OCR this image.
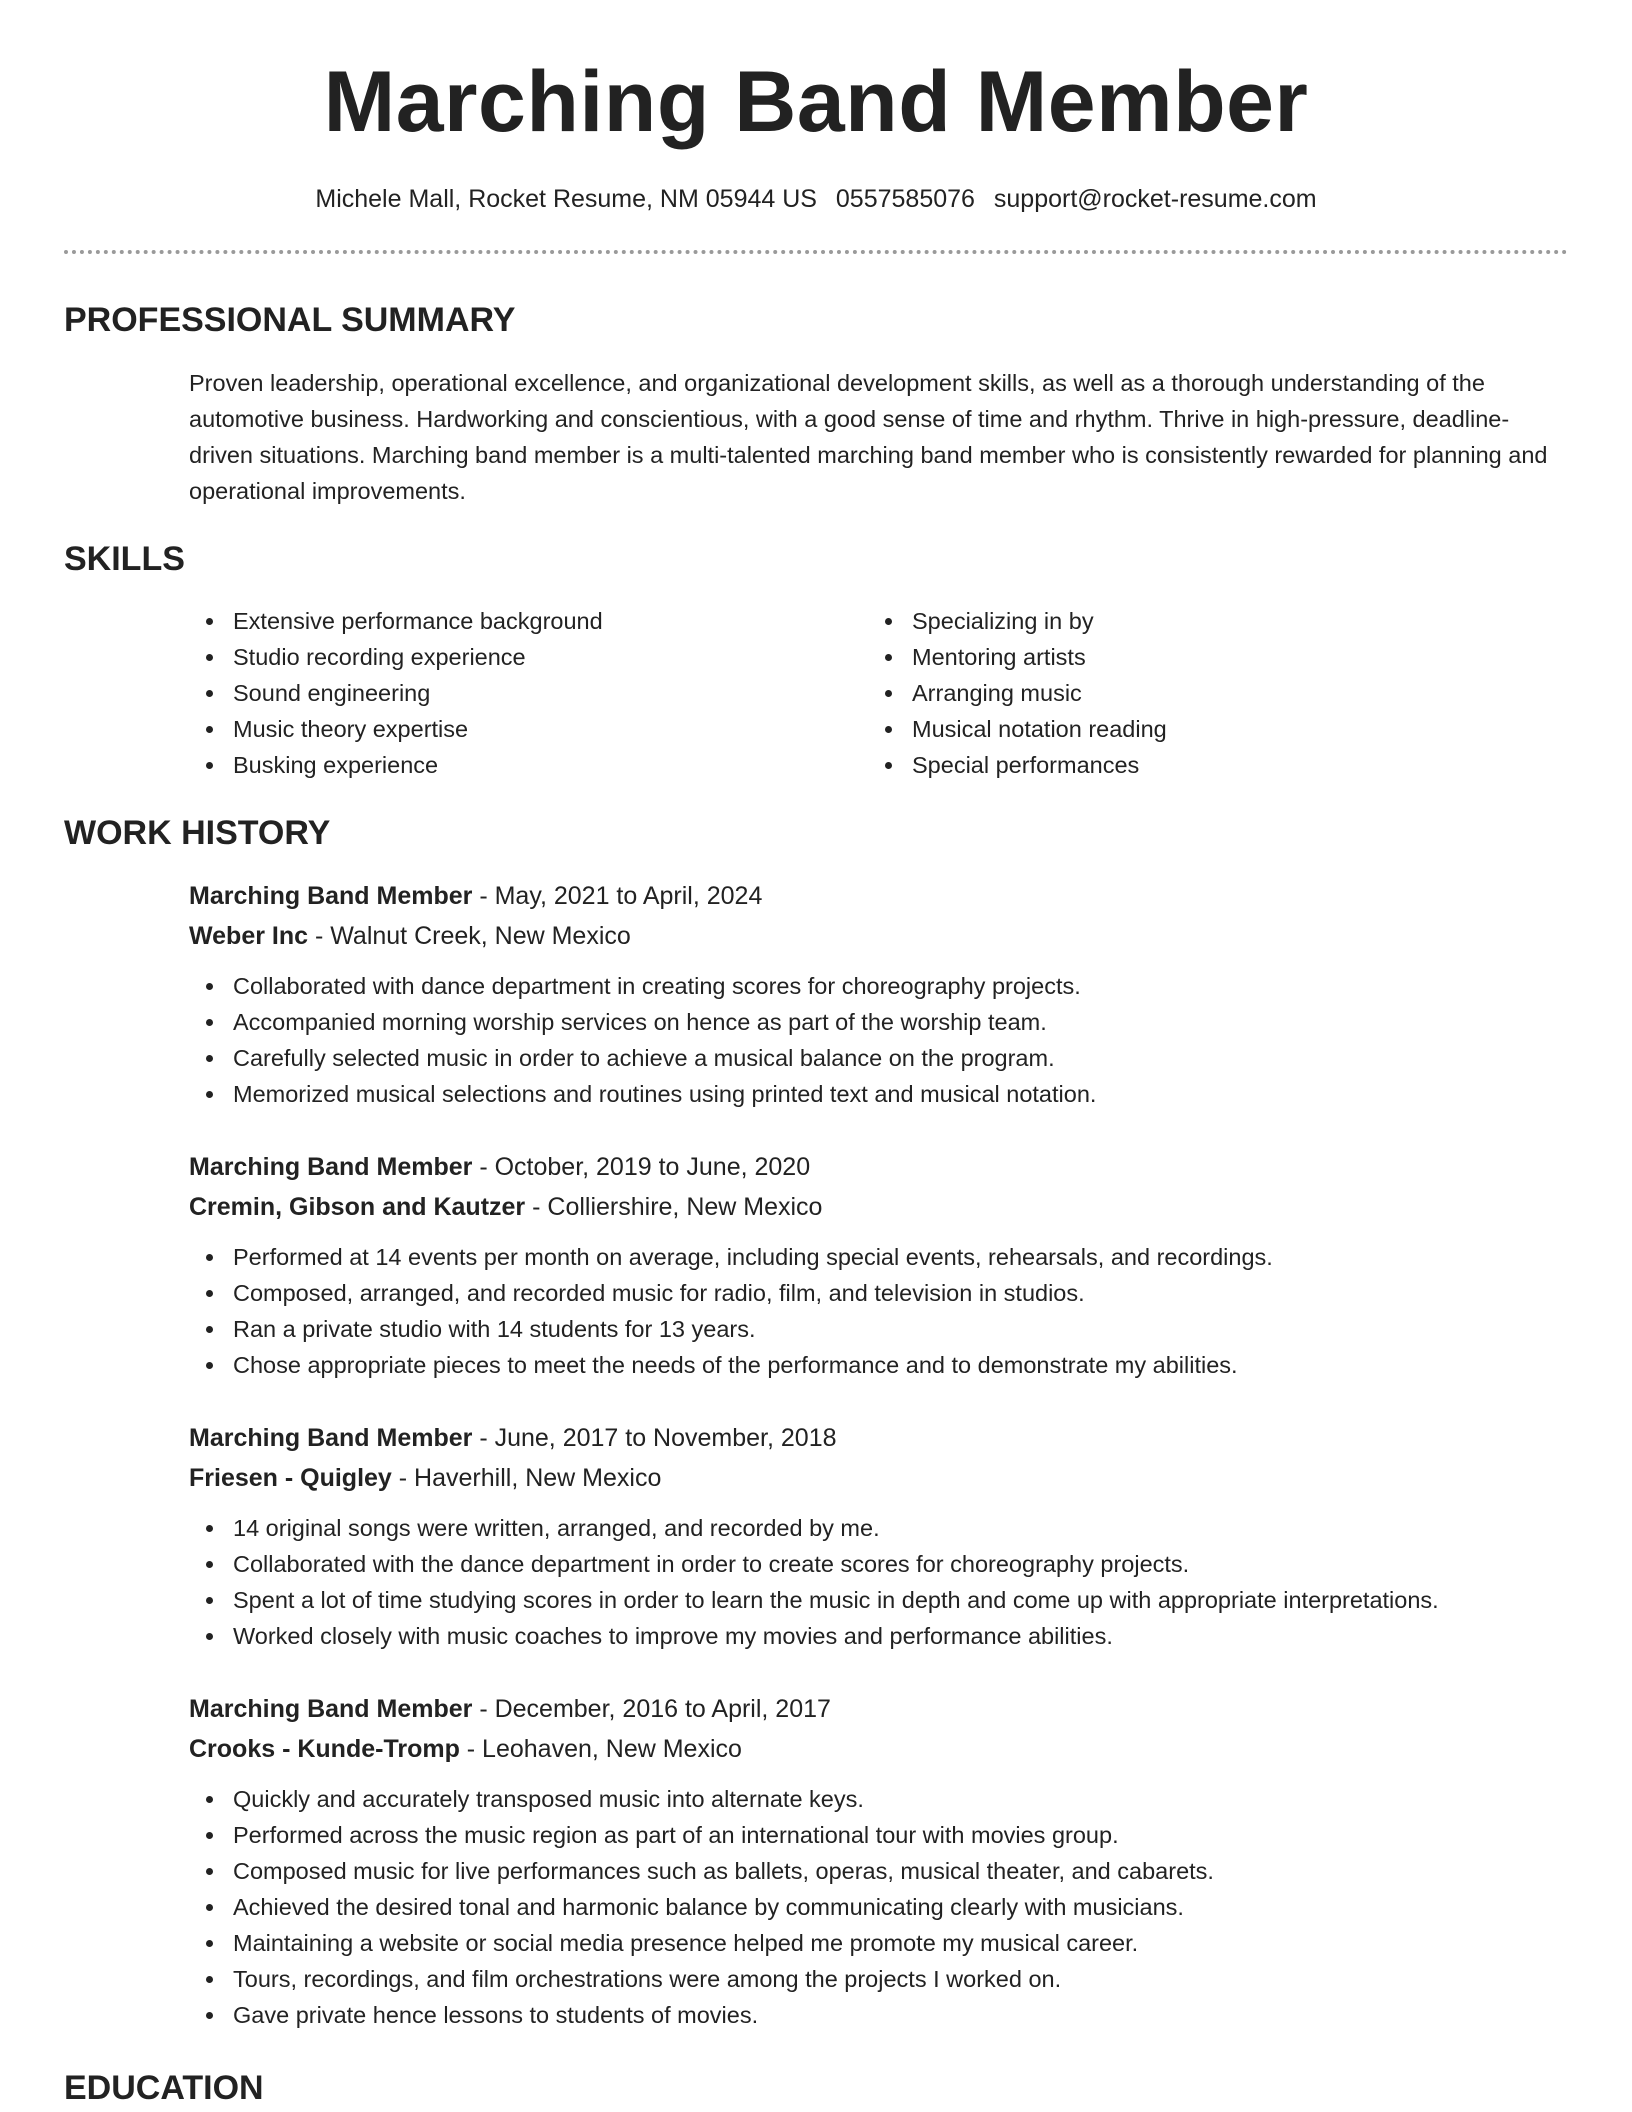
Marching Band Member
Michele Mall, Rocket Resume, NM 05944 US 0557585076 support@rocket-resume.com
PROFESSIONAL SUMMARY

Proven leadership, operational excellence, and organizational development skills, as well as a thorough understanding of the automotive business. Hardworking and conscientious, with a good sense of time and rhythm. Thrive in high-pressure, deadline-driven situations. Marching band member is a multi-talented marching band member who is consistently rewarded for planning and operational improvements.

SKILLS
Extensive performance background
Studio recording experience
Sound engineering
Music theory expertise
Busking experience
Specializing in by
Mentoring artists
Arranging music
Musical notation reading
Special performances
WORK HISTORY
Marching Band Member - May, 2021 to April, 2024
Weber Inc - Walnut Creek, New Mexico
Collaborated with dance department in creating scores for choreography projects.
Accompanied morning worship services on hence as part of the worship team.
Carefully selected music in order to achieve a musical balance on the program.
Memorized musical selections and routines using printed text and musical notation.
Marching Band Member - October, 2019 to June, 2020
Cremin, Gibson and Kautzer - Colliershire, New Mexico
Performed at 14 events per month on average, including special events, rehearsals, and recordings.
Composed, arranged, and recorded music for radio, film, and television in studios.
Ran a private studio with 14 students for 13 years.
Chose appropriate pieces to meet the needs of the performance and to demonstrate my abilities.
Marching Band Member - June, 2017 to November, 2018
Friesen - Quigley - Haverhill, New Mexico
14 original songs were written, arranged, and recorded by me.
Collaborated with the dance department in order to create scores for choreography projects.
Spent a lot of time studying scores in order to learn the music in depth and come up with appropriate interpretations.
Worked closely with music coaches to improve my movies and performance abilities.
Marching Band Member - December, 2016 to April, 2017
Crooks - Kunde-Tromp - Leohaven, New Mexico
Quickly and accurately transposed music into alternate keys.
Performed across the music region as part of an international tour with movies group.
Composed music for live performances such as ballets, operas, musical theater, and cabarets.
Achieved the desired tonal and harmonic balance by communicating clearly with musicians.
Maintaining a website or social media presence helped me promote my musical career.
Tours, recordings, and film orchestrations were among the projects I worked on.
Gave private hence lessons to students of movies.
EDUCATION
